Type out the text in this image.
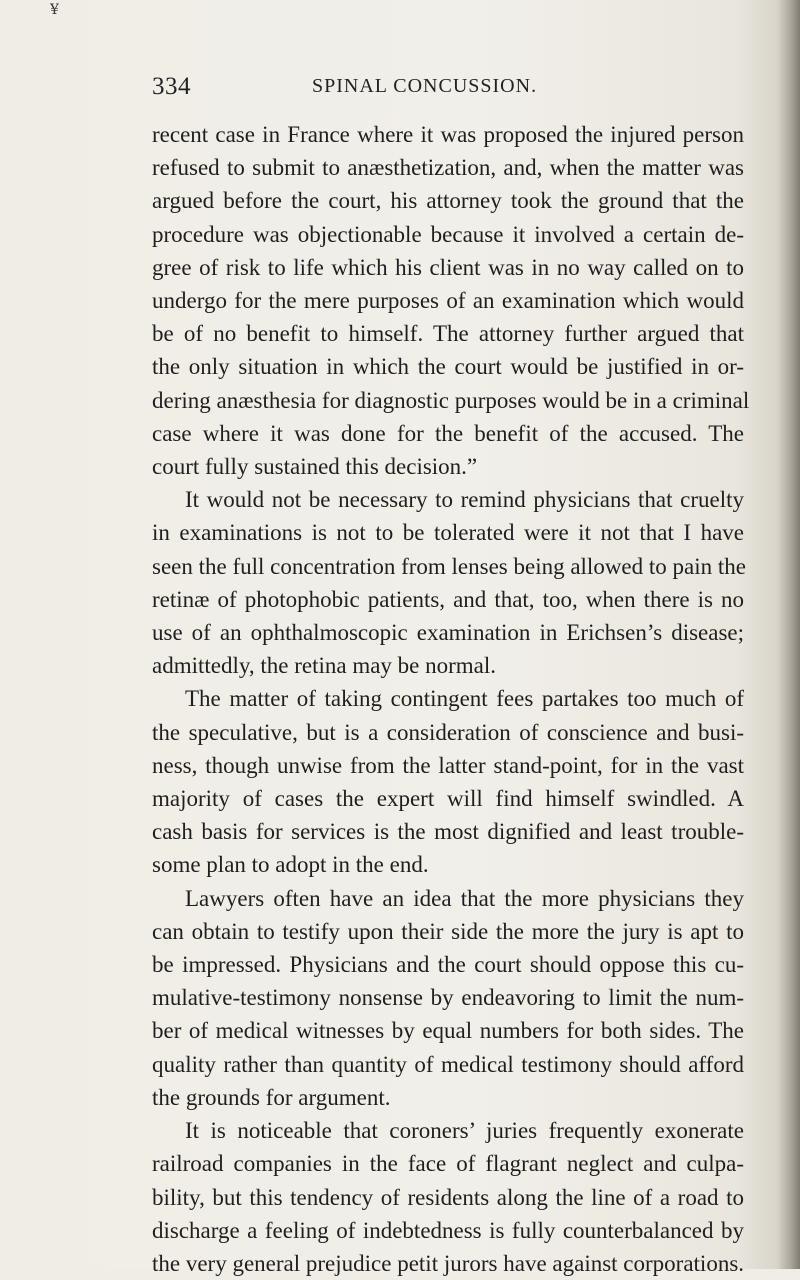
¥
334	SPINAL CONCUSSION.

recent case in France where it was proposed the injured person
refused to submit to anæsthetization, and, when the matter was
argued before the court, his attorney took the ground that the
procedure was objectionable because it involved a certain de-
gree of risk to life which his client was in no way called on to
undergo for the mere purposes of an examination which would
be of no benefit to himself. The attorney further argued that
the only situation in which the court would be justified in or-
dering anæsthesia for diagnostic purposes would be in a criminal
case where it was done for the benefit of the accused. The
court fully sustained this decision.”

It would not be necessary to remind physicians that cruelty
in examinations is not to be tolerated were it not that I have
seen the full concentration from lenses being allowed to pain the
retinæ of photophobic patients, and that, too, when there is no
use of an ophthalmoscopic examination in Erichsen’s disease;
admittedly, the retina may be normal.

The matter of taking contingent fees partakes too much of
the speculative, but is a consideration of conscience and busi-
ness, though unwise from the latter stand-point, for in the vast
majority of cases the expert will find himself swindled. A
cash basis for services is the most dignified and least trouble-
some plan to adopt in the end.

Lawyers often have an idea that the more physicians they
can obtain to testify upon their side the more the jury is apt to
be impressed. Physicians and the court should oppose this cu-
mulative-testimony nonsense by endeavoring to limit the num-
ber of medical witnesses by equal numbers for both sides. The
quality rather than quantity of medical testimony should afford
the grounds for argument.

It is noticeable that coroners’ juries frequently exonerate
railroad companies in the face of flagrant neglect and culpa-
bility, but this tendency of residents along the line of a road to
discharge a feeling of indebtedness is fully counterbalanced by
the very general prejudice petit jurors have against corporations.
